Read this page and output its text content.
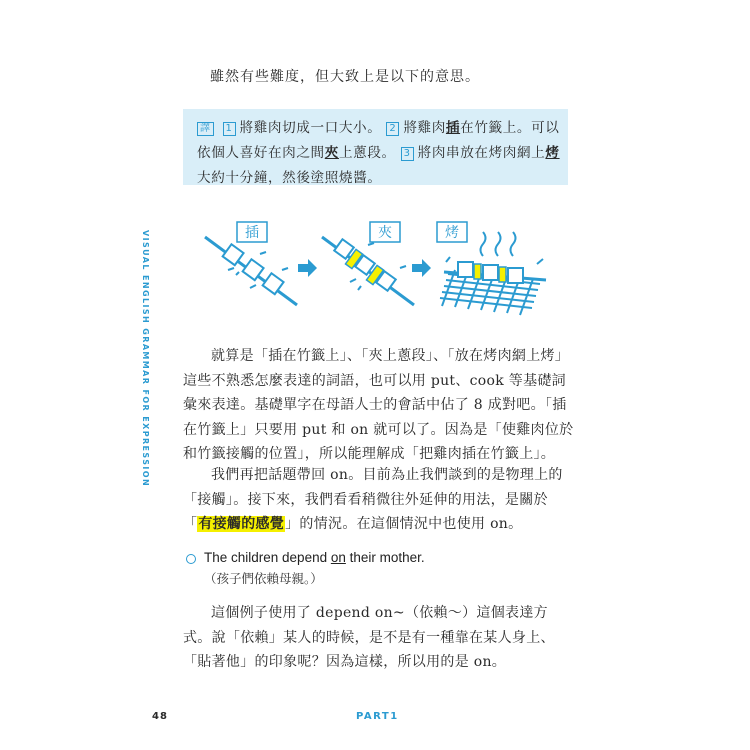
雖然有些難度，但大致上是以下的意思。
譯 1 將雞肉切成一口大小。 2 將雞肉插在竹籤上。可以依個人喜好在肉之間夾上蔥段。 3 將肉串放在烤肉網上烤大約十分鐘，然後塗照燒醬。
VISUAL ENGLISH GRAMMAR FOR EXPRESSION	插	夾	烤
就算是「插在竹籤上」、「夾上蔥段」、「放在烤肉網上烤」這些不熟悉怎麼表達的詞語，也可以用 put、cook 等基礎詞彙來表達。基礎單字在母語人士的會話中佔了 8 成對吧。「插在竹籤上」只要用 put 和 on 就可以了。因為是「使雞肉位於和竹籤接觸的位置」，所以能理解成「把雞肉插在竹籤上」。
我們再把話題帶回 on。目前為止我們談到的是物理上的「接觸」。接下來，我們看看稍微往外延伸的用法，是關於「有接觸的感覺」的情況。在這個情況中也使用 on。
The children depend on their mother.
（孩子們依賴母親。）
這個例子使用了 depend on~（依賴～）這個表達方式。說「依賴」某人的時候，是不是有一種靠在某人身上、「貼著他」的印象呢？因為這樣，所以用的是 on。
48	PART1
